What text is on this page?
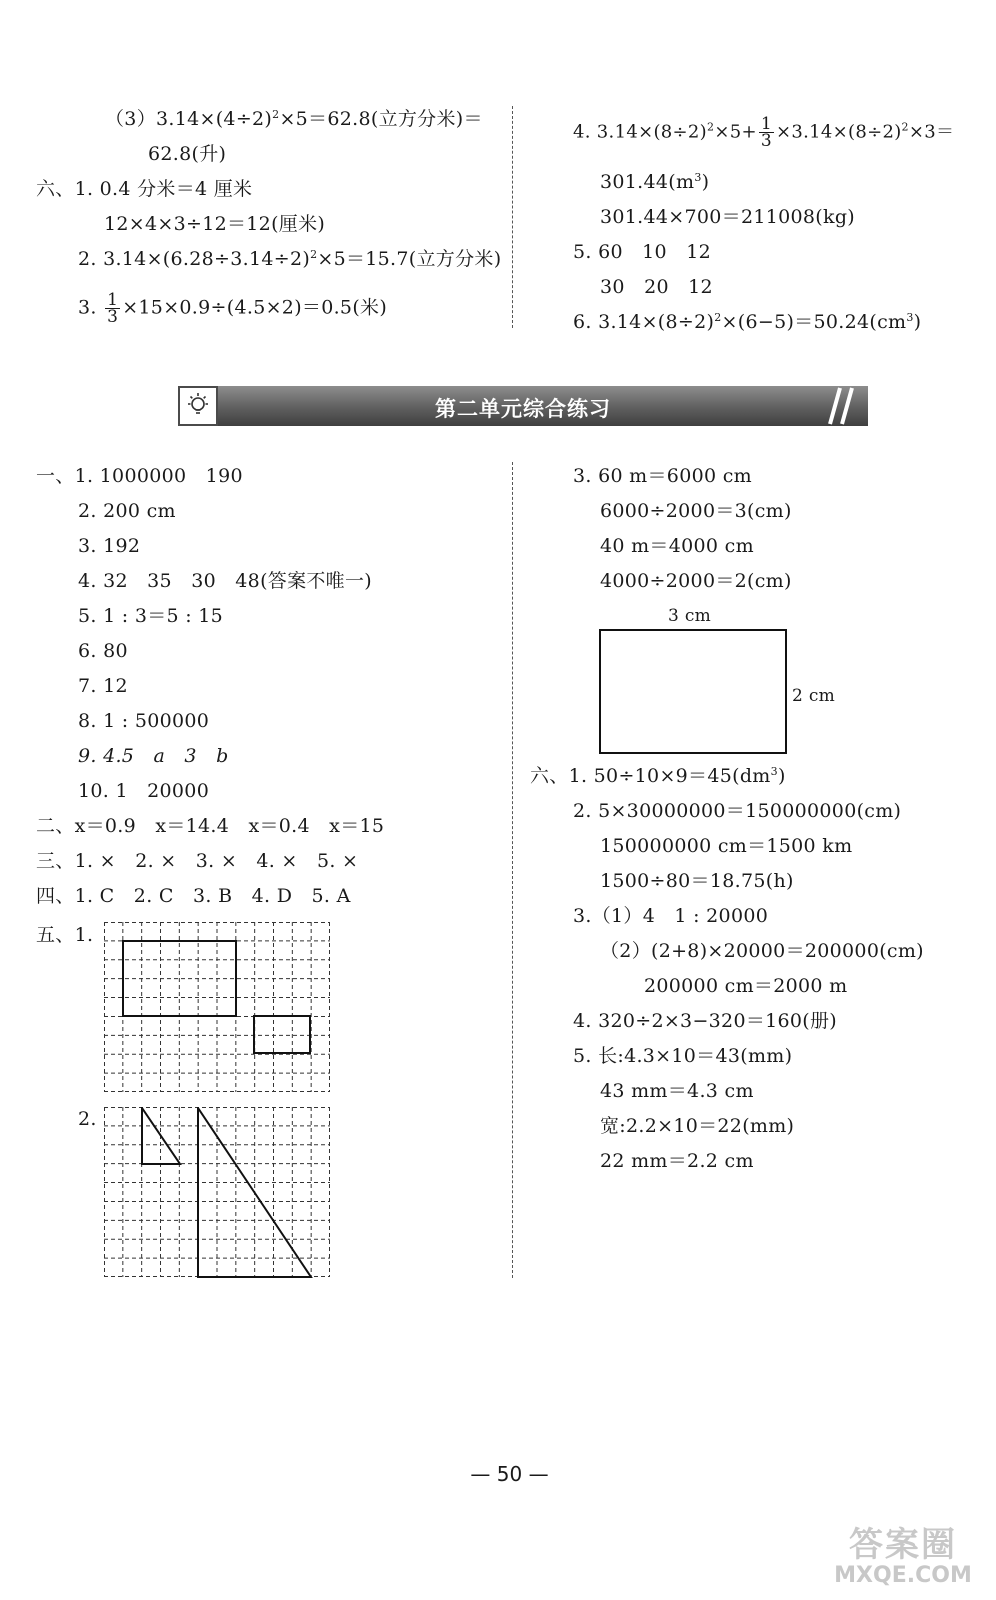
$(3)3.14\times(4\div 2)^2\times 5=62.8$(立方分米)＝
62.8(升)
六、1. 0.4 分米＝4 厘米
12×4×3÷12＝12(厘米)
2. $3.14\times(6.28\div 3.14\div 2)^2\times 5=15.7$(立方分米)
3. $\frac{1}{3} \times 15\times 0.9\div(4.5\times 2)=0.5$(米)
4. $3.14\times(8\div 2)^2\times 5+ \frac{1}{3} \times 3.14\times(8\div 2)^2\times 3=$
$301.44(m^3)$
301.44×700＝211008(kg)
5. 60　10　12
30　20　12
6. $3.14\times(8\div 2)^2\times(6-5)=50.24(cm^3)$
第二单元综合练习
一、1. 1000000　190
2. 200 cm
3. 192
4. 32　35　30　48(答案不唯一)
5. 1 : 3＝5 : 15
6. 80
7. 12
8. 1 : 500000
9. 4.5　a　3　b
10. 1　20000
二、x＝0.9　x＝14.4　x＝0.4　x＝15
三、1. ×　2. ×　3. ×　4. ×　5. ×
四、1. C　2. C　3. B　4. D　5. A
五、1.
2.
3. 60 m＝6000 cm
6000÷2000＝3(cm)
40 m＝4000 cm
4000÷2000＝2(cm)
3 cm
2 cm
六、1. $50\div 10\times 9=45(dm^3)$
2. 5×30000000＝150000000(cm)
150000000 cm＝1500 km
1500÷80＝18.75(h)
3.（1）4　1 : 20000
（2）(2+8)×20000＝200000(cm)
200000 cm＝2000 m
4. 320÷2×3−320＝160(册)
5. 长:4.3×10＝43(mm)
43 mm＝4.3 cm
宽:2.2×10＝22(mm)
22 mm＝2.2 cm
— 50 —
答案圈
MXQE.COM
